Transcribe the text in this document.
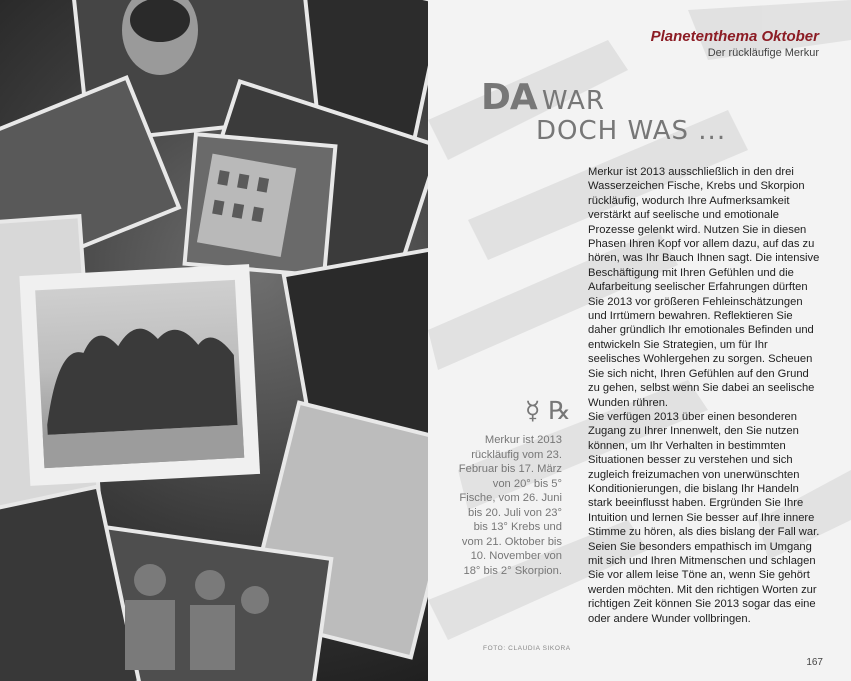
Planetenthema Oktober
Der rückläufige Merkur
DA WAR
DOCH WAS ...

Merkur ist 2013 ausschließlich in den drei Wasserzeichen Fische, Krebs und Skorpion rückläufig, wodurch Ihre Aufmerksamkeit verstärkt auf seelische und emotionale Prozesse gelenkt wird. Nutzen Sie in diesen Phasen Ihren Kopf vor allem dazu, auf das zu hören, was Ihr Bauch Ihnen sagt. Die intensive Beschäftigung mit Ihren Gefühlen und die Aufarbeitung seelischer Erfahrungen dürften Sie 2013 vor größeren Fehleinschätzungen und Irrtümern bewahren. Reflektieren Sie daher gründlich Ihr emotionales Befinden und entwickeln Sie Strategien, um für Ihr seelisches Wohlergehen zu sorgen. Scheuen Sie sich nicht, Ihren Gefühlen auf den Grund zu gehen, selbst wenn Sie dabei an seelische Wunden rühren.

Sie verfügen 2013 über einen besonderen Zugang zu Ihrer Innenwelt, den Sie nutzen können, um Ihr Verhalten in bestimmten Situationen besser zu verstehen und sich zugleich freizumachen von unerwünschten Konditionierungen, die bislang Ihr Handeln stark beeinflusst haben. Ergründen Sie Ihre Intuition und lernen Sie besser auf Ihre innere Stimme zu hören, als dies bislang der Fall war. Seien Sie besonders empathisch im Umgang mit sich und Ihren Mitmenschen und schlagen Sie vor allem leise Töne an, wenn Sie gehört werden möchten. Mit den richtigen Worten zur richtigen Zeit können Sie 2013 sogar das eine oder andere Wunder vollbringen.

☿ ℞

Merkur ist 2013 rückläufig vom 23. Februar bis 17. März von 20° bis 5° Fische, vom 26. Juni bis 20. Juli von 23° bis 13° Krebs und vom 21. Oktober bis 10. November von 18° bis 2° Skorpion.

FOTO: CLAUDIA SIKORA
167
